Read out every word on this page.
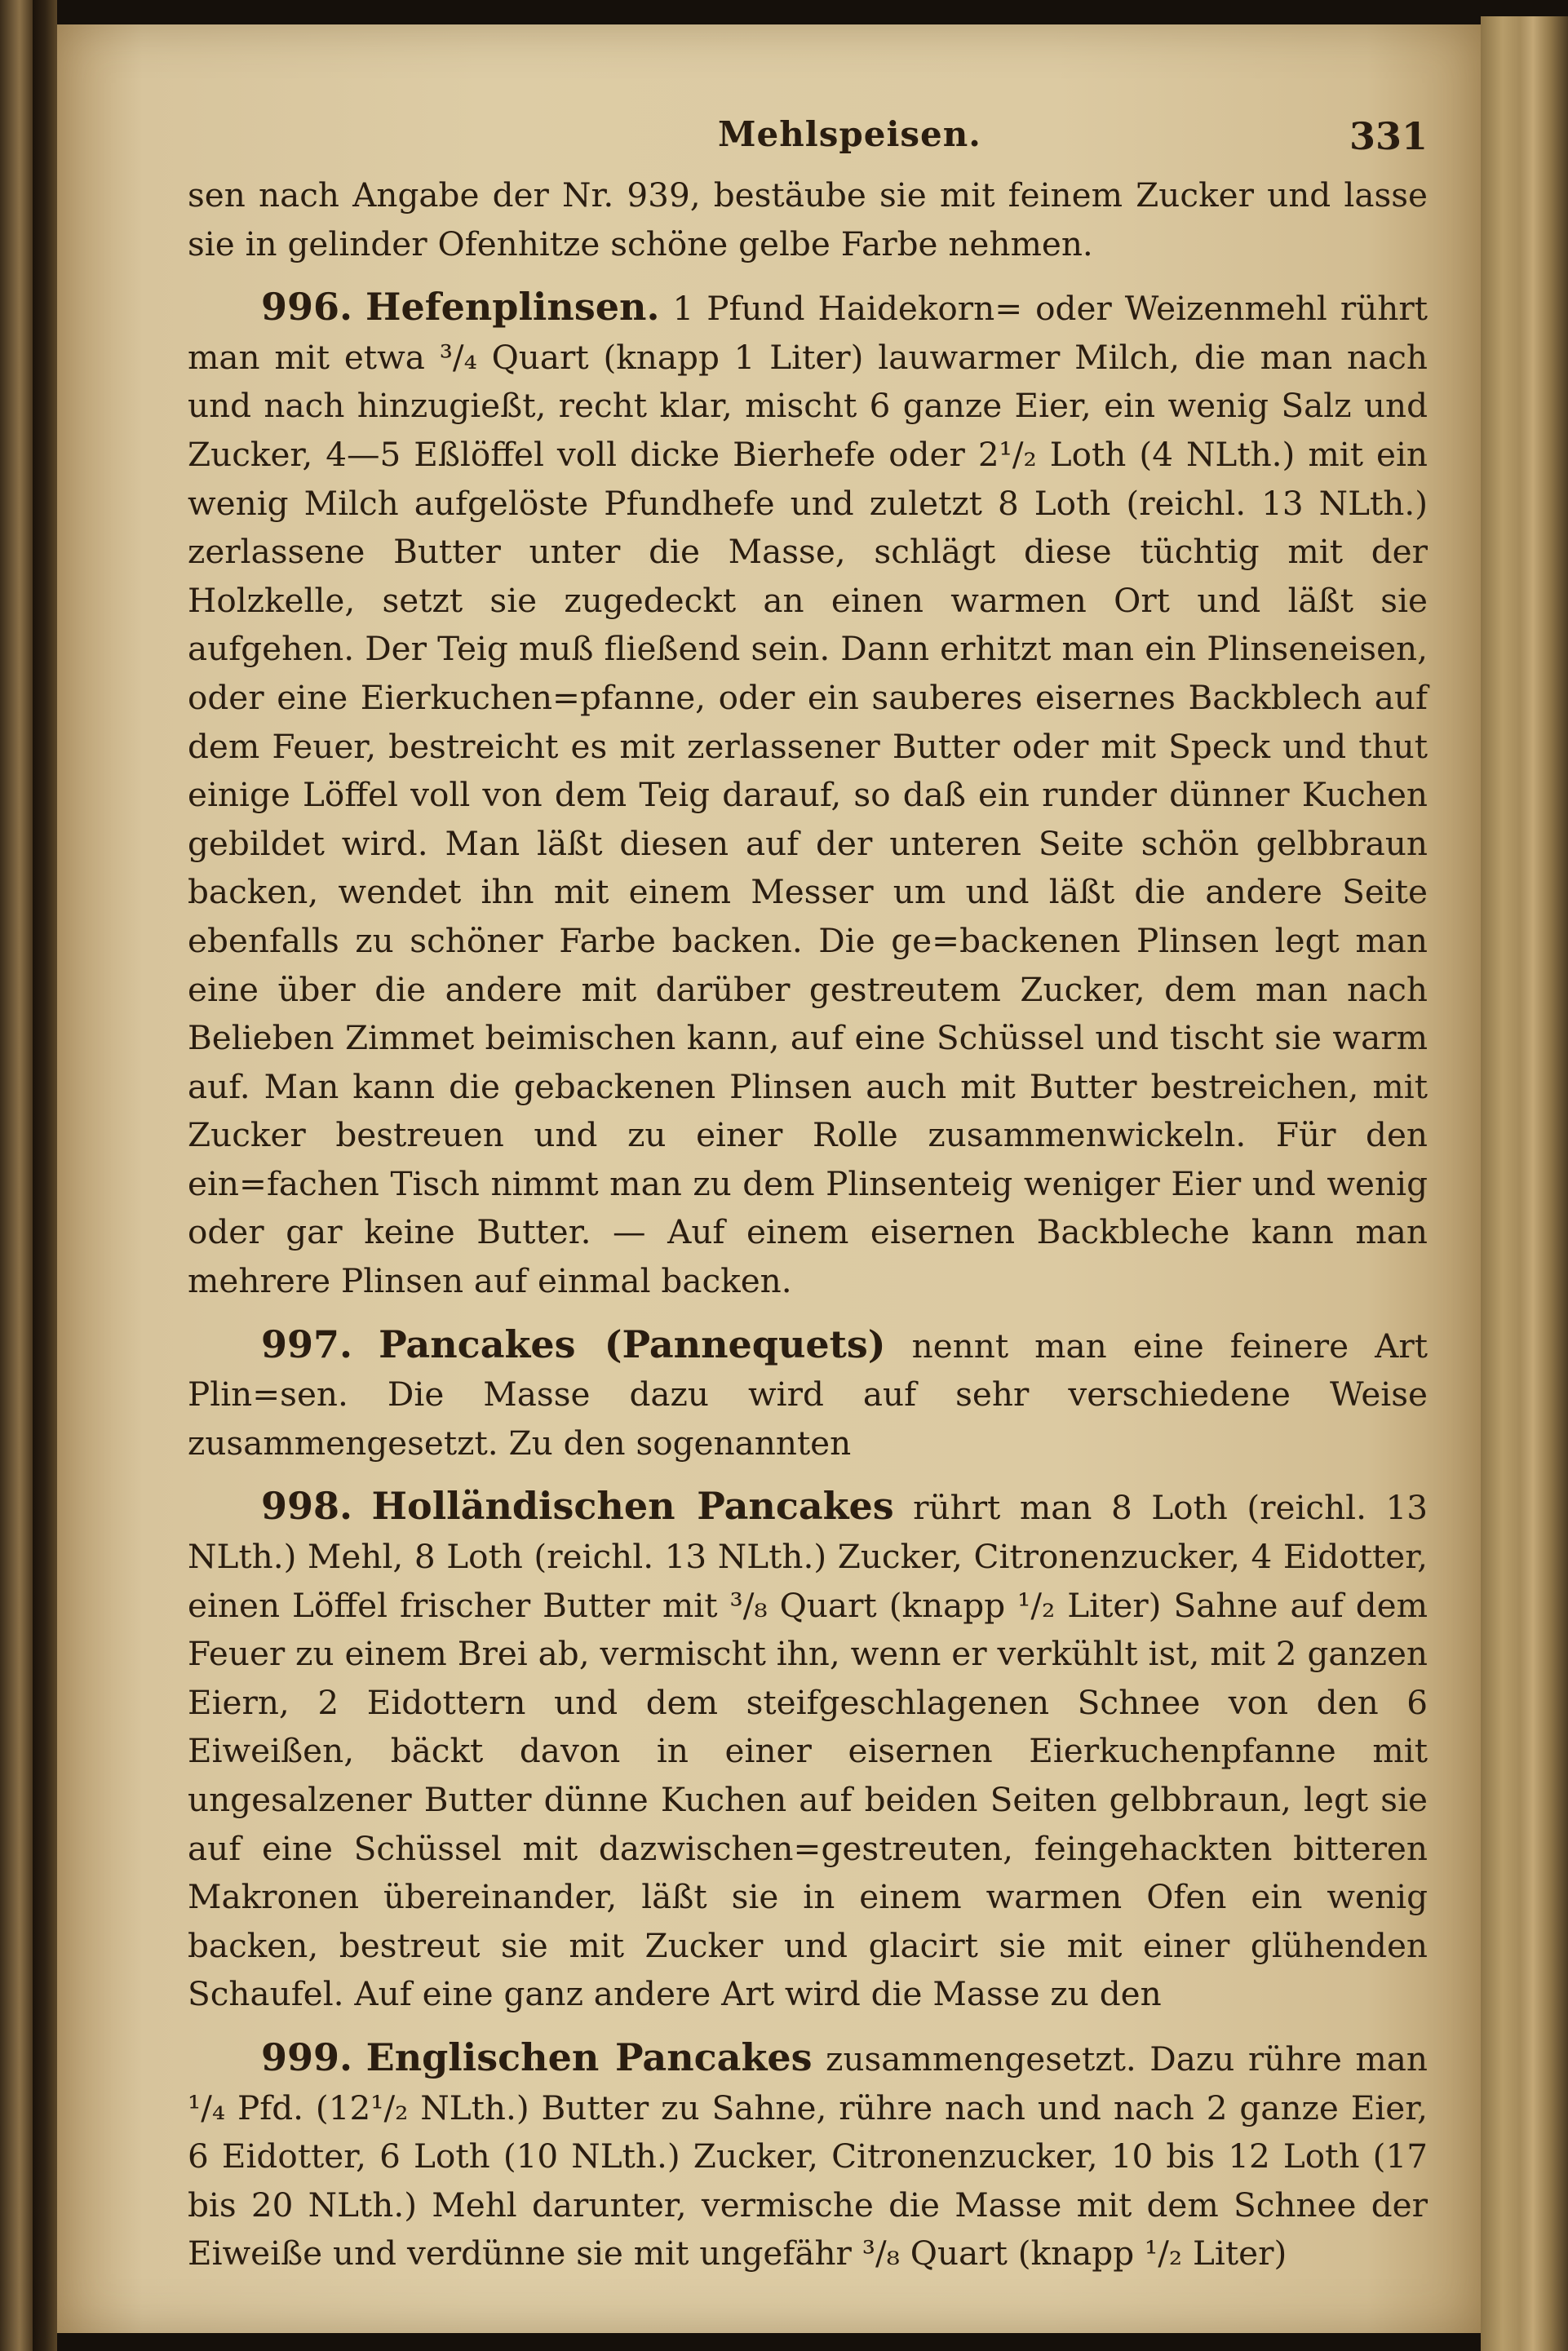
Mehlspeisen.	331

sen nach Angabe der Nr. 939, bestäube sie mit feinem Zucker und lasse sie in gelinder Ofenhitze schöne gelbe Farbe nehmen.

996. Hefenplinsen. 1 Pfund Haidekorn= oder Weizenmehl rührt man mit etwa ³/₄ Quart (knapp 1 Liter) lauwarmer Milch, die man nach und nach hinzugießt, recht klar, mischt 6 ganze Eier, ein wenig Salz und Zucker, 4—5 Eßlöffel voll dicke Bierhefe oder 2¹/₂ Loth (4 NLth.) mit ein wenig Milch aufgelöste Pfundhefe und zuletzt 8 Loth (reichl. 13 NLth.) zerlassene Butter unter die Masse, schlägt diese tüchtig mit der Holzkelle, setzt sie zugedeckt an einen warmen Ort und läßt sie aufgehen. Der Teig muß fließend sein. Dann erhitzt man ein Plinseneisen, oder eine Eierkuchen=pfanne, oder ein sauberes eisernes Backblech auf dem Feuer, bestreicht es mit zerlassener Butter oder mit Speck und thut einige Löffel voll von dem Teig darauf, so daß ein runder dünner Kuchen gebildet wird. Man läßt diesen auf der unteren Seite schön gelbbraun backen, wendet ihn mit einem Messer um und läßt die andere Seite ebenfalls zu schöner Farbe backen. Die ge=backenen Plinsen legt man eine über die andere mit darüber gestreutem Zucker, dem man nach Belieben Zimmet beimischen kann, auf eine Schüssel und tischt sie warm auf. Man kann die gebackenen Plinsen auch mit Butter bestreichen, mit Zucker bestreuen und zu einer Rolle zusammenwickeln. Für den ein=fachen Tisch nimmt man zu dem Plinsenteig weniger Eier und wenig oder gar keine Butter. — Auf einem eisernen Backbleche kann man mehrere Plinsen auf einmal backen.

997. Pancakes (Pannequets) nennt man eine feinere Art Plin=sen. Die Masse dazu wird auf sehr verschiedene Weise zusammengesetzt. Zu den sogenannten

998. Holländischen Pancakes rührt man 8 Loth (reichl. 13 NLth.) Mehl, 8 Loth (reichl. 13 NLth.) Zucker, Citronenzucker, 4 Eidotter, einen Löffel frischer Butter mit ³/₈ Quart (knapp ¹/₂ Liter) Sahne auf dem Feuer zu einem Brei ab, vermischt ihn, wenn er verkühlt ist, mit 2 ganzen Eiern, 2 Eidottern und dem steifgeschlagenen Schnee von den 6 Eiweißen, bäckt davon in einer eisernen Eierkuchenpfanne mit ungesalzener Butter dünne Kuchen auf beiden Seiten gelbbraun, legt sie auf eine Schüssel mit dazwischen=gestreuten, feingehackten bitteren Makronen übereinander, läßt sie in einem warmen Ofen ein wenig backen, bestreut sie mit Zucker und glacirt sie mit einer glühenden Schaufel. Auf eine ganz andere Art wird die Masse zu den

999. Englischen Pancakes zusammengesetzt. Dazu rühre man ¹/₄ Pfd. (12¹/₂ NLth.) Butter zu Sahne, rühre nach und nach 2 ganze Eier, 6 Eidotter, 6 Loth (10 NLth.) Zucker, Citronenzucker, 10 bis 12 Loth (17 bis 20 NLth.) Mehl darunter, vermische die Masse mit dem Schnee der Eiweiße und verdünne sie mit ungefähr ³/₈ Quart (knapp ¹/₂ Liter)
